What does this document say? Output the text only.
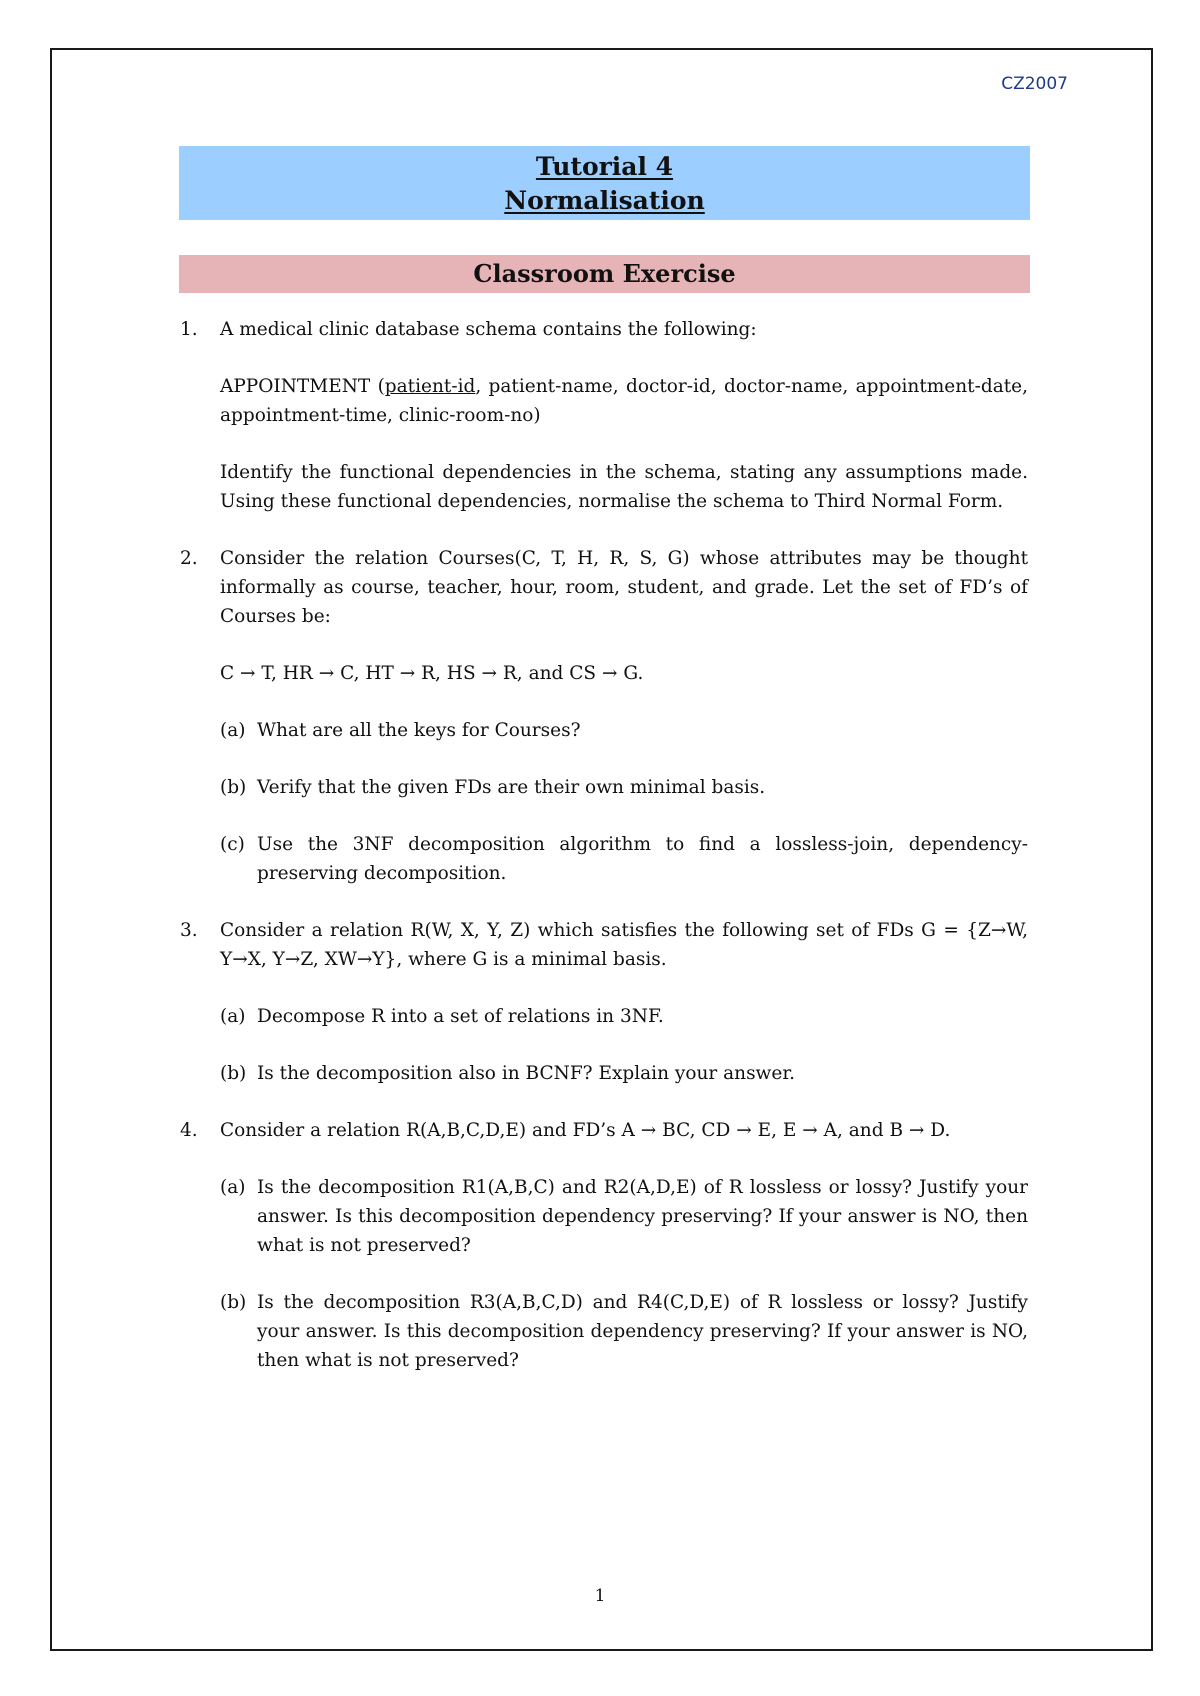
CZ2007
Tutorial 4
Normalisation
Classroom Exercise
1. A medical clinic database schema contains the following:

APPOINTMENT (patient-id, patient-name, doctor-id, doctor-name, appointment-date, appointment-time, clinic-room-no)

Identify the functional dependencies in the schema, stating any assumptions made. Using these functional dependencies, normalise the schema to Third Normal Form.

2. Consider the relation Courses(C, T, H, R, S, G) whose attributes may be thought informally as course, teacher, hour, room, student, and grade. Let the set of FD’s of Courses be:

C → T, HR → C, HT → R, HS → R, and CS → G.

(a) What are all the keys for Courses?
(b) Verify that the given FDs are their own minimal basis.
(c) Use the 3NF decomposition algorithm to find a lossless-join, dependency-preserving decomposition.
3. Consider a relation R(W, X, Y, Z) which satisfies the following set of FDs G = {Z→W, Y→X, Y→Z, XW→Y}, where G is a minimal basis.

(a) Decompose R into a set of relations in 3NF.
(b) Is the decomposition also in BCNF? Explain your answer.
4. Consider a relation R(A,B,C,D,E) and FD’s A → BC, CD → E, E → A, and B → D.

(a) Is the decomposition R1(A,B,C) and R2(A,D,E) of R lossless or lossy? Justify your answer. Is this decomposition dependency preserving? If your answer is NO, then what is not preserved?
(b) Is the decomposition R3(A,B,C,D) and R4(C,D,E) of R lossless or lossy? Justify your answer. Is this decomposition dependency preserving? If your answer is NO, then what is not preserved?
1
